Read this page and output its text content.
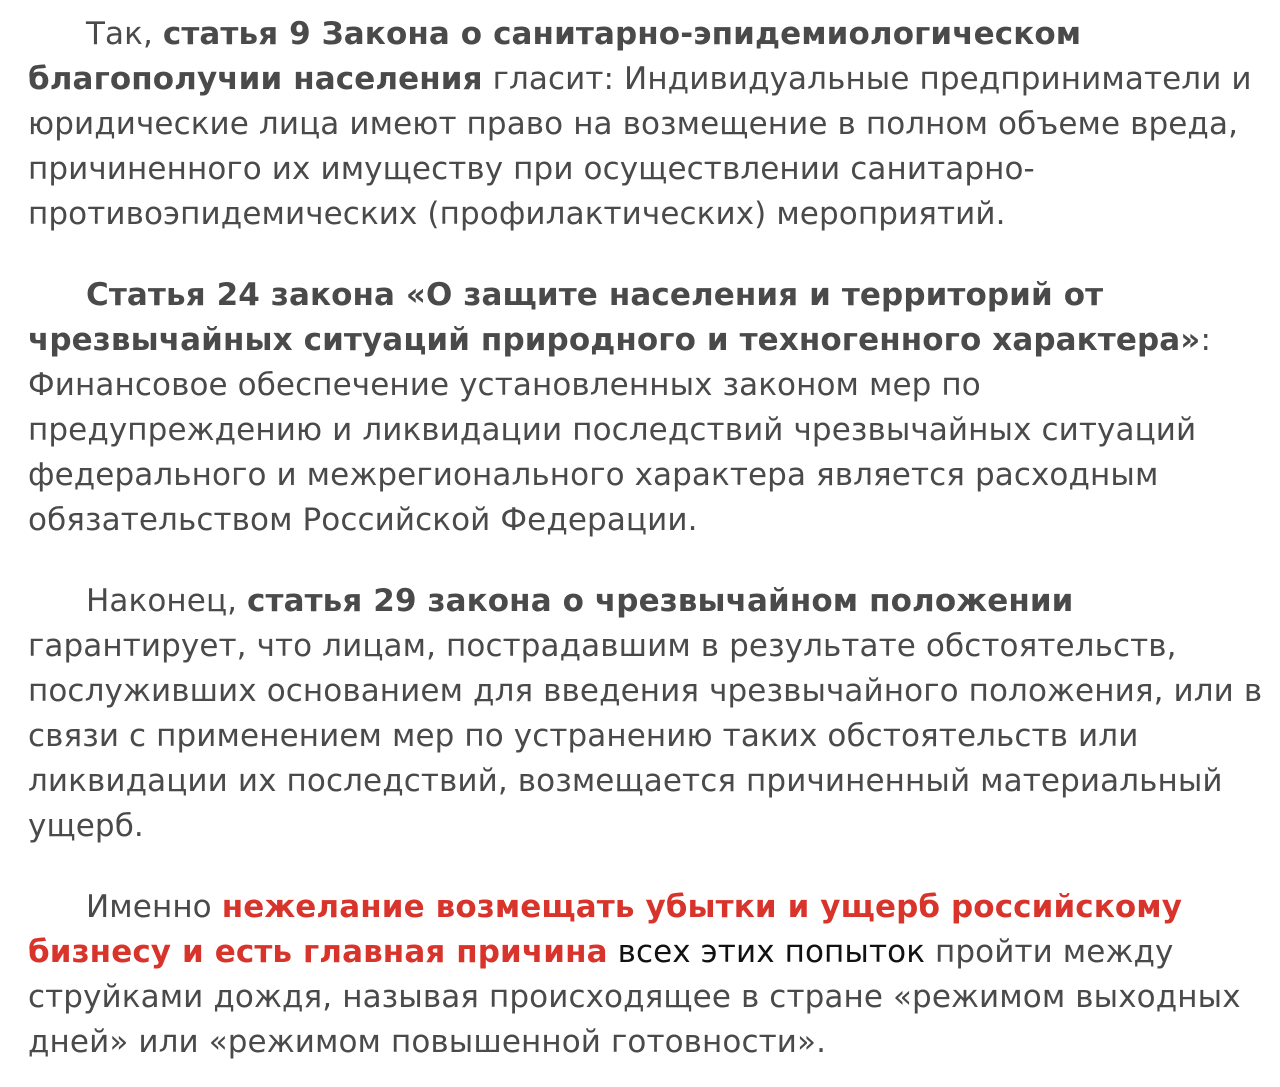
Так, статья 9 Закона о санитарно-эпидемиологическом благополучии населения гласит: Индивидуальные предприниматели и юридические лица имеют право на возмещение в полном объеме вреда, причиненного их имуществу при осуществлении санитарно-противоэпидемических (профилактических) мероприятий.

Статья 24 закона «О защите населения и территорий от чрезвычайных ситуаций природного и техногенного характера»: Финансовое обеспечение установленных законом мер по предупреждению и ликвидации последствий чрезвычайных ситуаций федерального и межрегионального характера является расходным обязательством Российской Федерации.

Наконец, статья 29 закона о чрезвычайном положении гарантирует, что лицам, пострадавшим в результате обстоятельств, послуживших основанием для введения чрезвычайного положения, или в связи с применением мер по устранению таких обстоятельств или ликвидации их последствий, возмещается причиненный материальный ущерб.

Именно нежелание возмещать убытки и ущерб российскому бизнесу и есть главная причина всех этих попыток пройти между струйками дождя, называя происходящее в стране «режимом выходных дней» или «режимом повышенной готовности».
